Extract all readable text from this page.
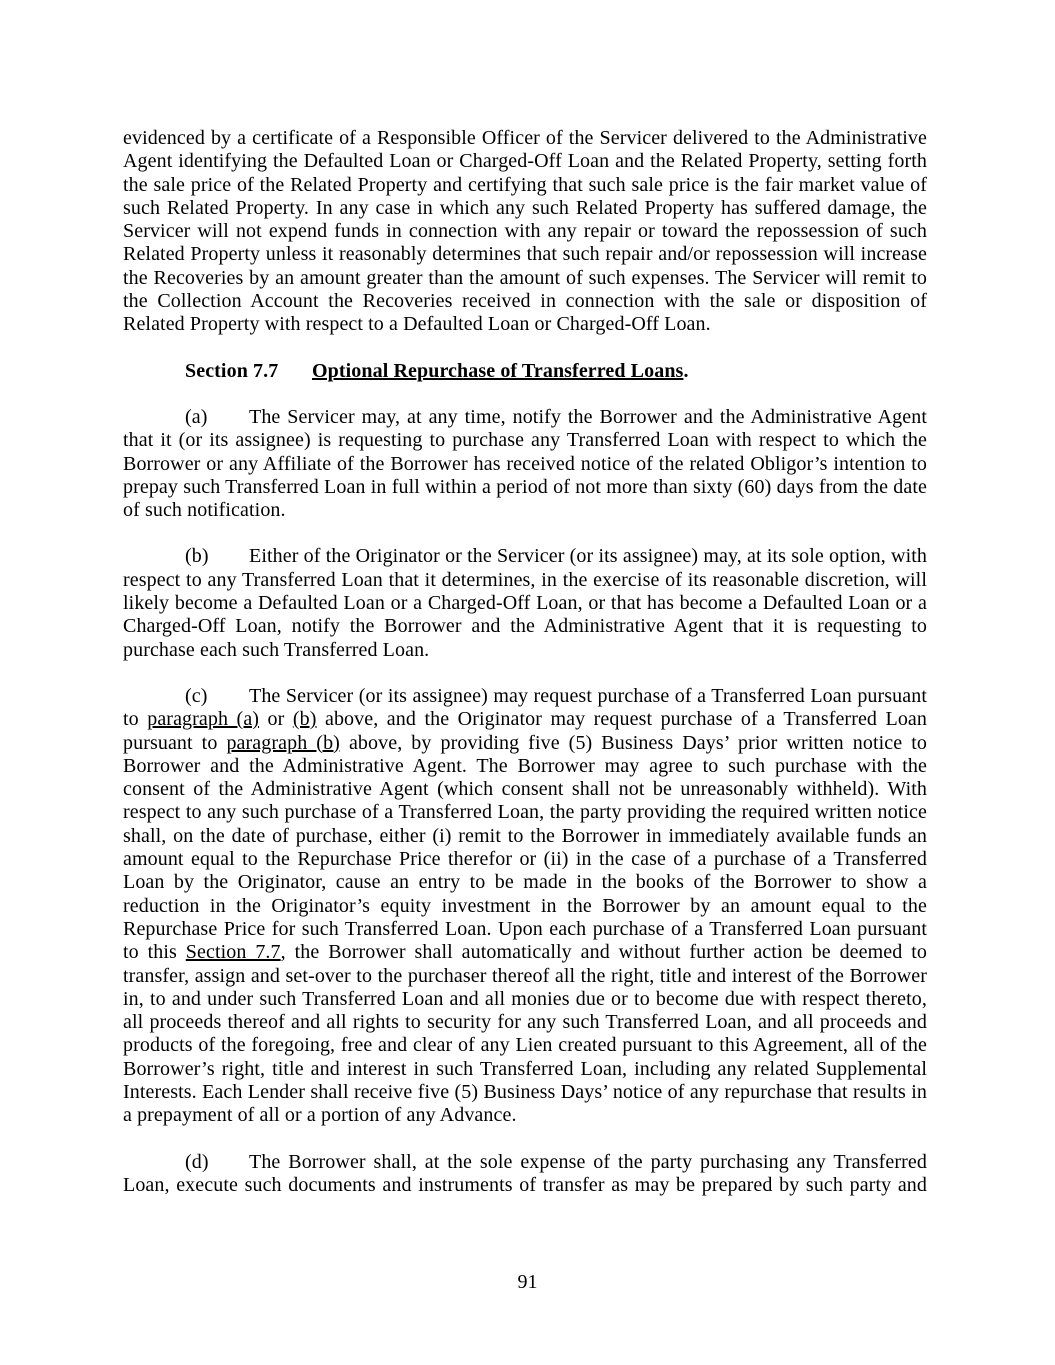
evidenced by a certificate of a Responsible Officer of the Servicer delivered to the Administrative Agent identifying the Defaulted Loan or Charged-Off Loan and the Related Property, setting forth the sale price of the Related Property and certifying that such sale price is the fair market value of such Related Property. In any case in which any such Related Property has suffered damage, the Servicer will not expend funds in connection with any repair or toward the repossession of such Related Property unless it reasonably determines that such repair and/or repossession will increase the Recoveries by an amount greater than the amount of such expenses. The Servicer will remit to the Collection Account the Recoveries received in connection with the sale or disposition of Related Property with respect to a Defaulted Loan or Charged-Off Loan.

Section 7.7 Optional Repurchase of Transferred Loans.

(a) The Servicer may, at any time, notify the Borrower and the Administrative Agent that it (or its assignee) is requesting to purchase any Transferred Loan with respect to which the Borrower or any Affiliate of the Borrower has received notice of the related Obligor’s intention to prepay such Transferred Loan in full within a period of not more than sixty (60) days from the date of such notification.

(b) Either of the Originator or the Servicer (or its assignee) may, at its sole option, with respect to any Transferred Loan that it determines, in the exercise of its reasonable discretion, will likely become a Defaulted Loan or a Charged-Off Loan, or that has become a Defaulted Loan or a Charged-Off Loan, notify the Borrower and the Administrative Agent that it is requesting to purchase each such Transferred Loan.

(c) The Servicer (or its assignee) may request purchase of a Transferred Loan pursuant to paragraph (a) or (b) above, and the Originator may request purchase of a Transferred Loan pursuant to paragraph (b) above, by providing five (5) Business Days’ prior written notice to Borrower and the Administrative Agent. The Borrower may agree to such purchase with the consent of the Administrative Agent (which consent shall not be unreasonably withheld). With respect to any such purchase of a Transferred Loan, the party providing the required written notice shall, on the date of purchase, either (i) remit to the Borrower in immediately available funds an amount equal to the Repurchase Price therefor or (ii) in the case of a purchase of a Transferred Loan by the Originator, cause an entry to be made in the books of the Borrower to show a reduction in the Originator’s equity investment in the Borrower by an amount equal to the Repurchase Price for such Transferred Loan. Upon each purchase of a Transferred Loan pursuant to this Section 7.7, the Borrower shall automatically and without further action be deemed to transfer, assign and set-over to the purchaser thereof all the right, title and interest of the Borrower in, to and under such Transferred Loan and all monies due or to become due with respect thereto, all proceeds thereof and all rights to security for any such Transferred Loan, and all proceeds and products of the foregoing, free and clear of any Lien created pursuant to this Agreement, all of the Borrower’s right, title and interest in such Transferred Loan, including any related Supplemental Interests. Each Lender shall receive five (5) Business Days’ notice of any repurchase that results in a prepayment of all or a portion of any Advance.

(d) The Borrower shall, at the sole expense of the party purchasing any Transferred Loan, execute such documents and instruments of transfer as may be prepared by such party and

91
